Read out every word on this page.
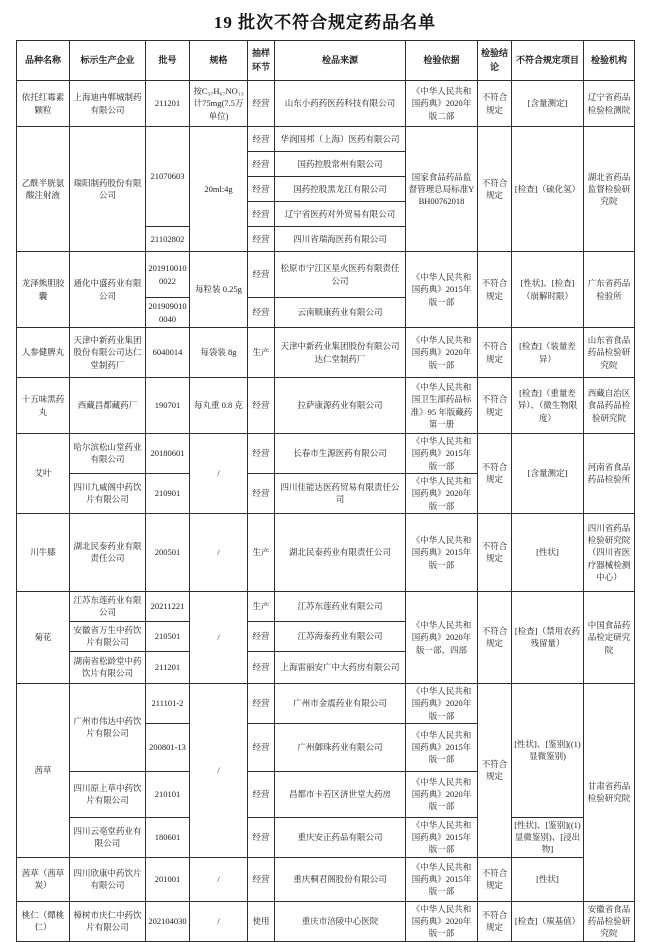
19 批次不符合规定药品名单
品种名称	标示生产企业	批号	规格	抽样环节	检品来源	检验依据	检验结论	不符合规定项目	检验机构
依托红霉素颗粒	上海迪冉郸城制药有限公司	211201	按C₃₇H₆₇NO₁₃计75mg(7.5万单位)	经营	山东小药药医药科技有限公司	《中华人民共和国药典》2020年版二部	不符合规定	[含量测定]	辽宁省药品检验检测院
乙酰半胱氨酸注射液	瑞阳制药股份有限公司	21070603	20ml:4g	经营	华润国邦（上海）医药有限公司	国家食品药品监督管理总局标准YBH00762018	不符合规定	[检查]（硫化氢）	湖北省药品监督检验研究院
				经营	国药控股常州有限公司				
				经营	国药控股黑龙江有限公司				
				经营	辽宁省医药对外贸易有限公司				
		21102802		经营	四川省瑞海医药有限公司				
龙泽熊胆胶囊	通化中盛药业有限公司	2019100100022	每粒装 0.25g	经营	松原市宁江区星火医药有限责任公司	《中华人民共和国药典》2015年版一部	不符合规定	[性状]、[检查]（崩解时限）	广东省药品检验所
		2019090100040		经营	云南顺康药业有限公司				
人参健脾丸	天津中新药业集团股份有限公司达仁堂制药厂	6040014	每袋装 8g	生产	天津中新药业集团股份有限公司达仁堂制药厂	《中华人民共和国药典》2020年版一部	不符合规定	[检查]（装量差异）	山东省食品药品检验研究院
十五味黑药丸	西藏昌都藏药厂	190701	每丸重 0.8 克	经营	拉萨康源药业有限公司	《中华人民共和国卫生部药品标准》95 年版藏药第一册	不符合规定	[检查]（重量差异）、（微生物限度）	西藏自治区食品药品检验研究院
艾叶	哈尔滨松山堂药业有限公司	20180601	/	经营	长春市生源医药有限公司	《中华人民共和国药典》2015年版一部	不符合规定	[含量测定]	河南省食品药品检验所
	四川九威阁中药饮片有限公司	210901		经营	四川佳能达医药贸易有限责任公司	《中华人民共和国药典》2020年版一部			
川牛膝	湖北民泰药业有限责任公司	200501	/	生产	湖北民泰药业有限责任公司	《中华人民共和国药典》2015年版一部	不符合规定	[性状]	四川省药品检验研究院（四川省医疗器械检测中心）
菊花	江苏东莲药业有限公司	20211221	/	生产	江苏东莲药业有限公司	《中华人民共和国药典》2020年版一部、四部	不符合规定	[检查]（禁用农药残留量）	中国食品药品检定研究院
	安徽省万生中药饮片有限公司	210501		经营	江苏海泰药业有限公司				
	湖南省松龄堂中药饮片有限公司	211201		经营	上海雷丽安广中大药房有限公司				
茜草	广州市伟达中药饮片有限公司	211101-2	/	经营	广州市金震药业有限公司	《中华人民共和国药典》2020年版一部	不符合规定	[性状]、[鉴别]((1)显微鉴别)	甘肃省药品检验研究院
		200801-13		经营	广州御珠药业有限公司	《中华人民共和国药典》2015年版一部			
	四川原上草中药饮片有限公司	210101		经营	昌都市卡若区济世堂大药房	《中华人民共和国药典》2020年版一部			
	四川云亳堂药业有限公司	180601		经营	重庆安正药品有限公司	《中华人民共和国药典》2015年版一部		[性状]、[鉴别]((1)显微鉴别)、[浸出物]	
茜草（茜草炭）	四川欣康中药饮片有限公司	201001	/	经营	重庆桐君阁股份有限公司	《中华人民共和国药典》2015年版一部	不符合规定	[性状]	
桃仁（燀桃仁）	樟树市庆仁中药饮片有限公司	202104030	/	使用	重庆市涪陵中心医院	《中华人民共和国药典》2020年版一部	不符合规定	[检查]（羰基值）	安徽省食品药品检验研究院
